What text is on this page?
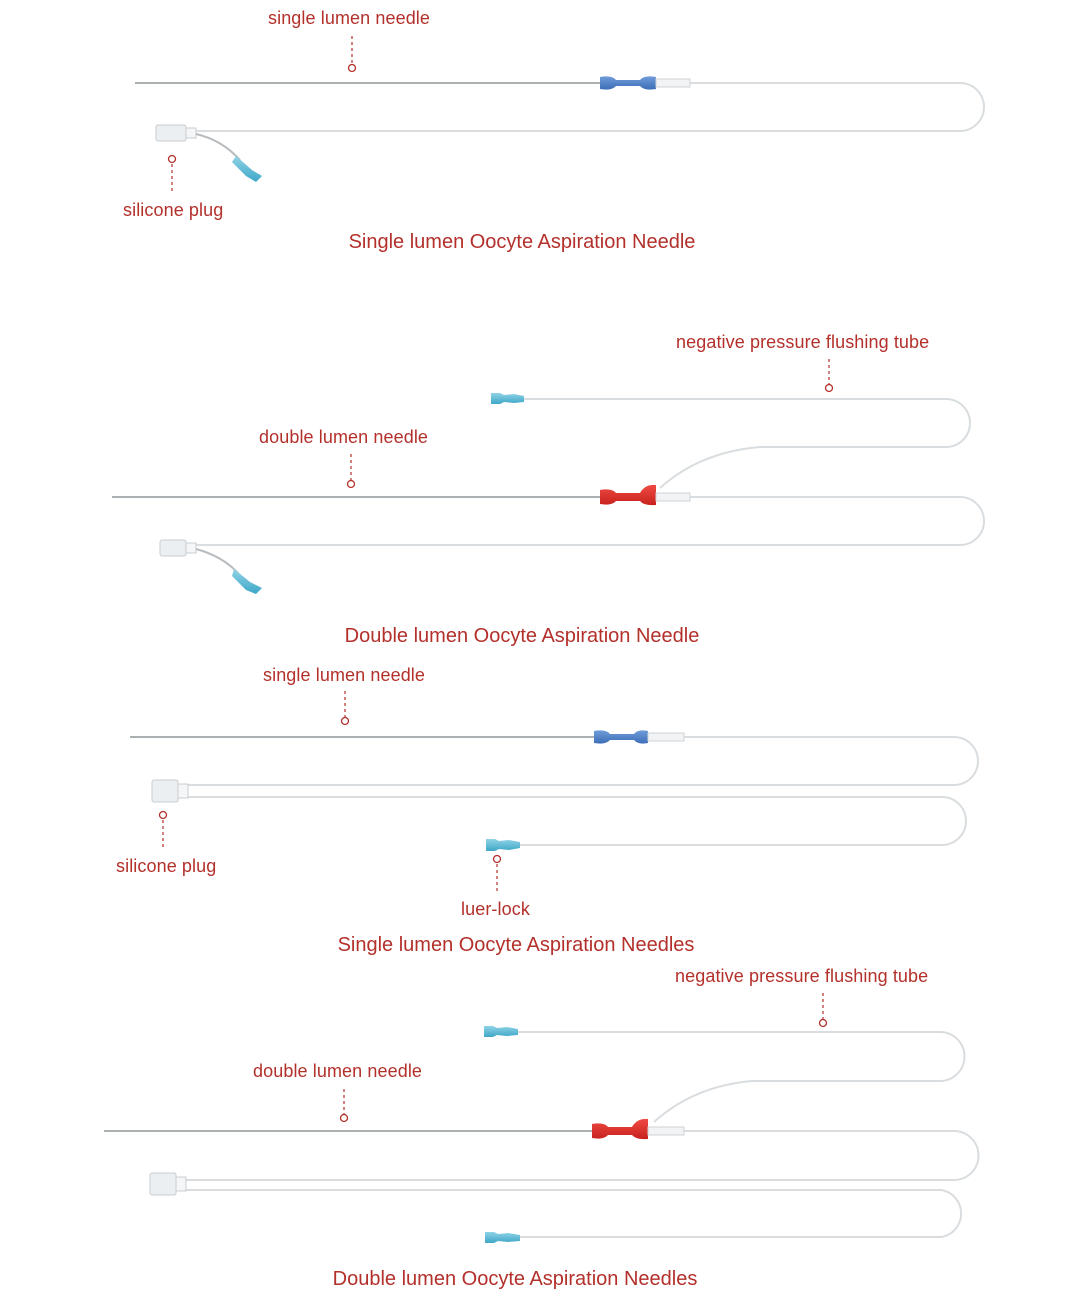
single lumen needle
silicone plug
Single lumen Oocyte Aspiration Needle
negative pressure flushing tube
double lumen needle
Double lumen Oocyte Aspiration Needle
single lumen needle
silicone plug
luer-lock
Single lumen Oocyte Aspiration Needles
negative pressure flushing tube
double lumen needle
Double lumen Oocyte Aspiration Needles
